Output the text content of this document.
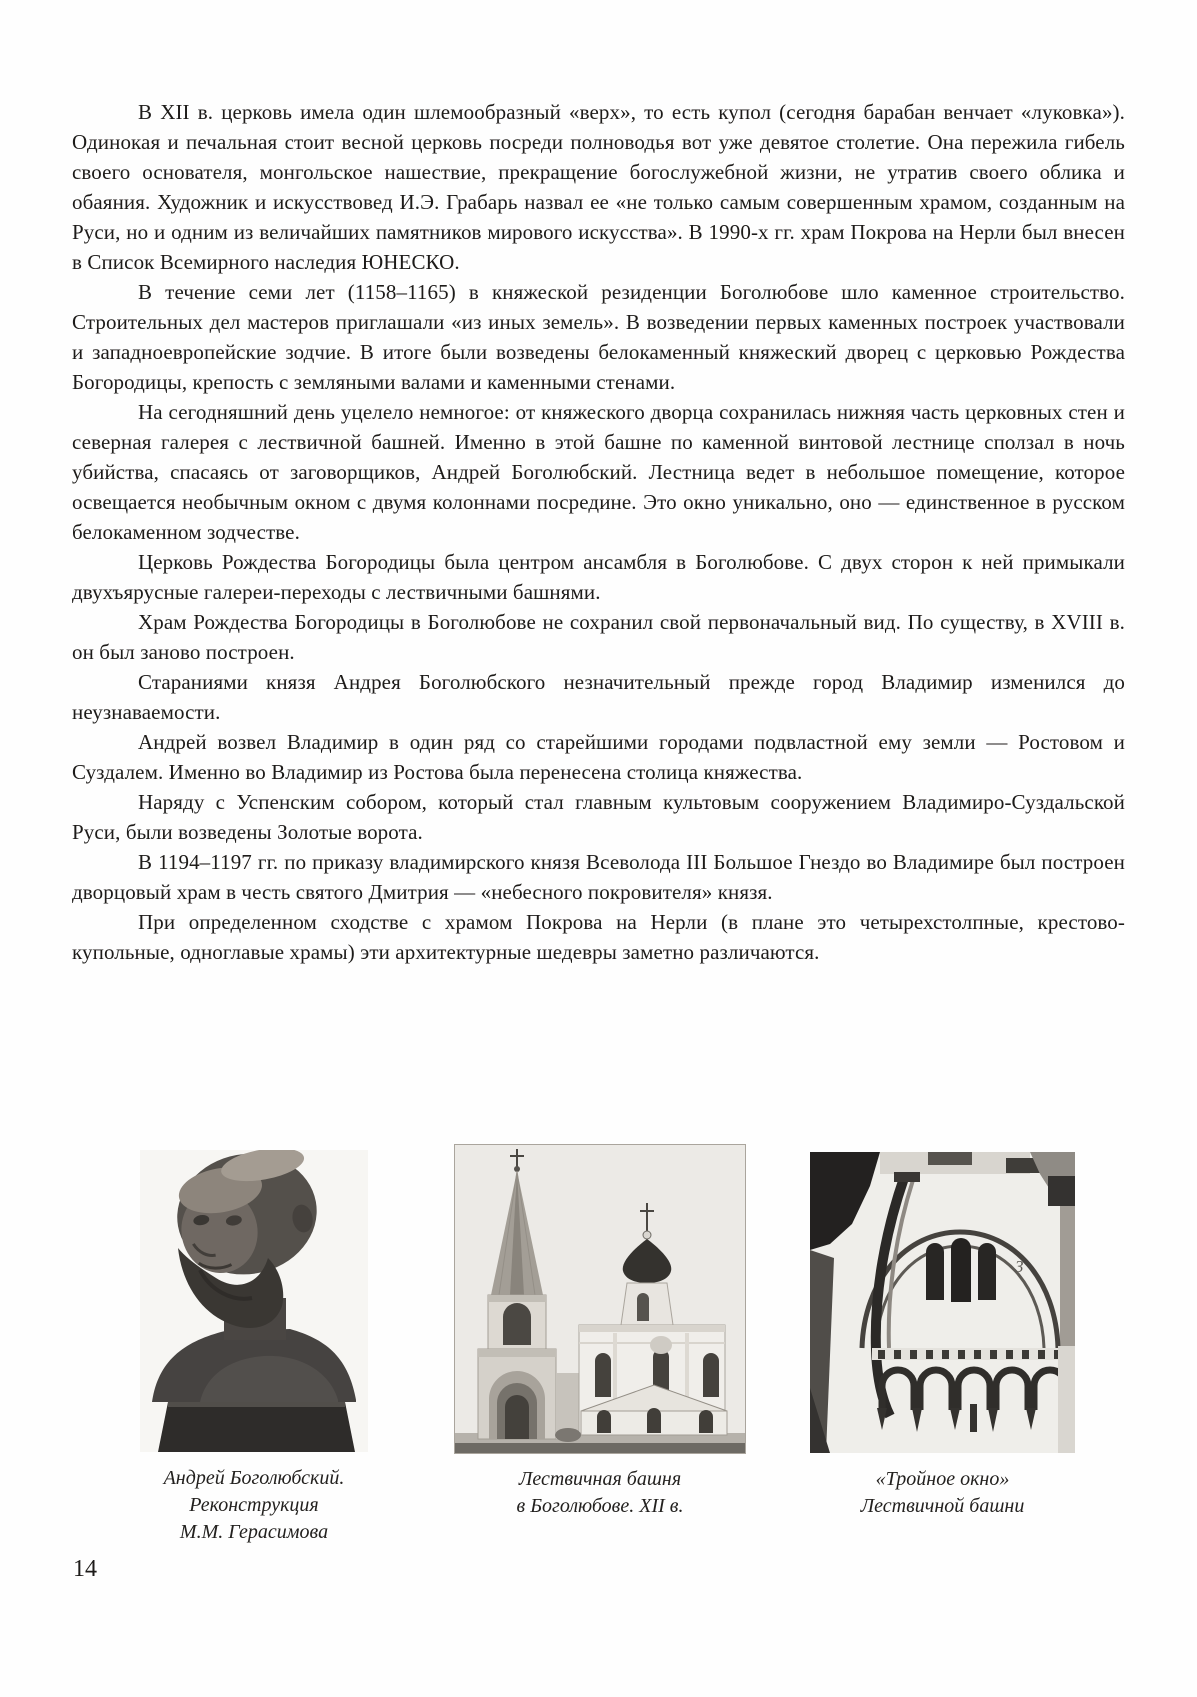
В XII в. церковь имела один шлемообразный «верх», то есть купол (сегодня барабан венчает «луковка»). Одинокая и печальная стоит весной церковь посреди полноводья вот уже девятое столетие. Она пережила гибель своего основателя, монгольское нашествие, прекращение богослужебной жизни, не утратив своего облика и обаяния. Художник и искусствовед И.Э. Грабарь назвал ее «не только самым совершенным храмом, созданным на Руси, но и одним из величайших памятников мирового искусства». В 1990-х гг. храм Покрова на Нерли был внесен в Список Всемирного наследия ЮНЕСКО.

В течение семи лет (1158–1165) в княжеской резиденции Боголюбове шло каменное строительство. Строительных дел мастеров приглашали «из иных земель». В возведении первых каменных построек участвовали и западноевропейские зодчие. В итоге были возведены белокаменный княжеский дворец с церковью Рождества Богородицы, крепость с земляными валами и каменными стенами.

На сегодняшний день уцелело немногое: от княжеского дворца сохранилась нижняя часть церковных стен и северная галерея с лествичной башней. Именно в этой башне по каменной винтовой лестнице сползал в ночь убийства, спасаясь от заговорщиков, Андрей Боголюбский. Лестница ведет в небольшое помещение, которое освещается необычным окном с двумя колоннами посредине. Это окно уникально, оно — единственное в русском белокаменном зодчестве.

Церковь Рождества Богородицы была центром ансамбля в Боголюбове. С двух сторон к ней примыкали двухъярусные галереи-переходы с лествичными башнями.

Храм Рождества Богородицы в Боголюбове не сохранил свой первоначальный вид. По существу, в XVIII в. он был заново построен.

Стараниями князя Андрея Боголюбского незначительный прежде город Владимир изменился до неузнаваемости.

Андрей возвел Владимир в один ряд со старейшими городами подвластной ему земли — Ростовом и Суздалем. Именно во Владимир из Ростова была перенесена столица княжества.

Наряду с Успенским собором, который стал главным культовым сооружением Владимиро-Суздальской Руси, были возведены Золотые ворота.

В 1194–1197 гг. по приказу владимирского князя Всеволода III Большое Гнездо во Владимире был построен дворцовый храм в честь святого Дмитрия — «небесного покровителя» князя.

При определенном сходстве с храмом Покрова на Нерли (в плане это четырехстолпные, крестово-купольные, одноглавые храмы) эти архитектурные шедевры заметно различаются.

Андрей Боголюбский.
Реконструкция
М.М. Герасимова
Лествичная башня
в Боголюбове. XII в.
3
«Тройное окно»
Лествичной башни
14
